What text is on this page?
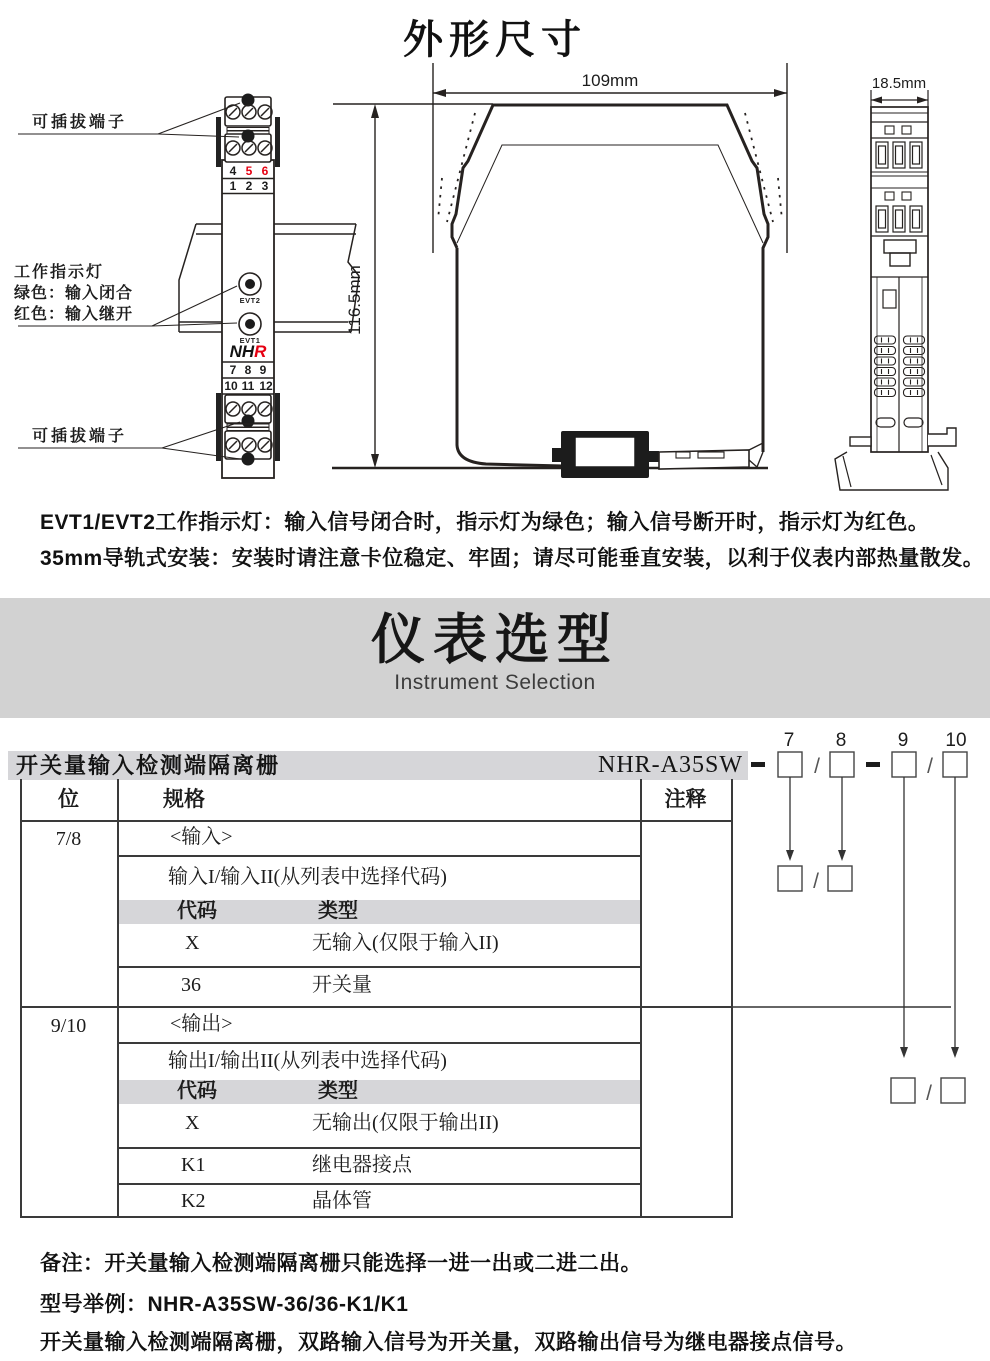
外形尺寸
可插拔端子
工作指示灯
绿色：输入闭合
红色：输入继开
可插拔端子
4 5 6
1 2 3
7 8 9
10 11 12
EVT2
EVT1
NHR
109mm
116.5mm
18.5mm
EVT1/EVT2工作指示灯：输入信号闭合时，指示灯为绿色；输入信号断开时，指示灯为红色。
35mm导轨式安装：安装时请注意卡位稳定、牢固；请尽可能垂直安装，以利于仪表内部热量散发。
仪表选型
Instrument Selection
开关量输入检测端隔离栅	NHR-A35SW
位	规格	注释
7/8	<输入>
输入I/输入II(从列表中选择代码)
代码	类型
X	无输入(仅限于输入II)
36	开关量
9/10	<输出>
输出I/输出II(从列表中选择代码)
代码	类型
X	无输出(仅限于输出II)
K1	继电器接点
K2	晶体管
7 8	9 10
/	/
/
/
备注：开关量输入检测端隔离栅只能选择一进一出或二进二出。
型号举例：NHR-A35SW-36/36-K1/K1
开关量输入检测端隔离栅，双路输入信号为开关量，双路输出信号为继电器接点信号。
